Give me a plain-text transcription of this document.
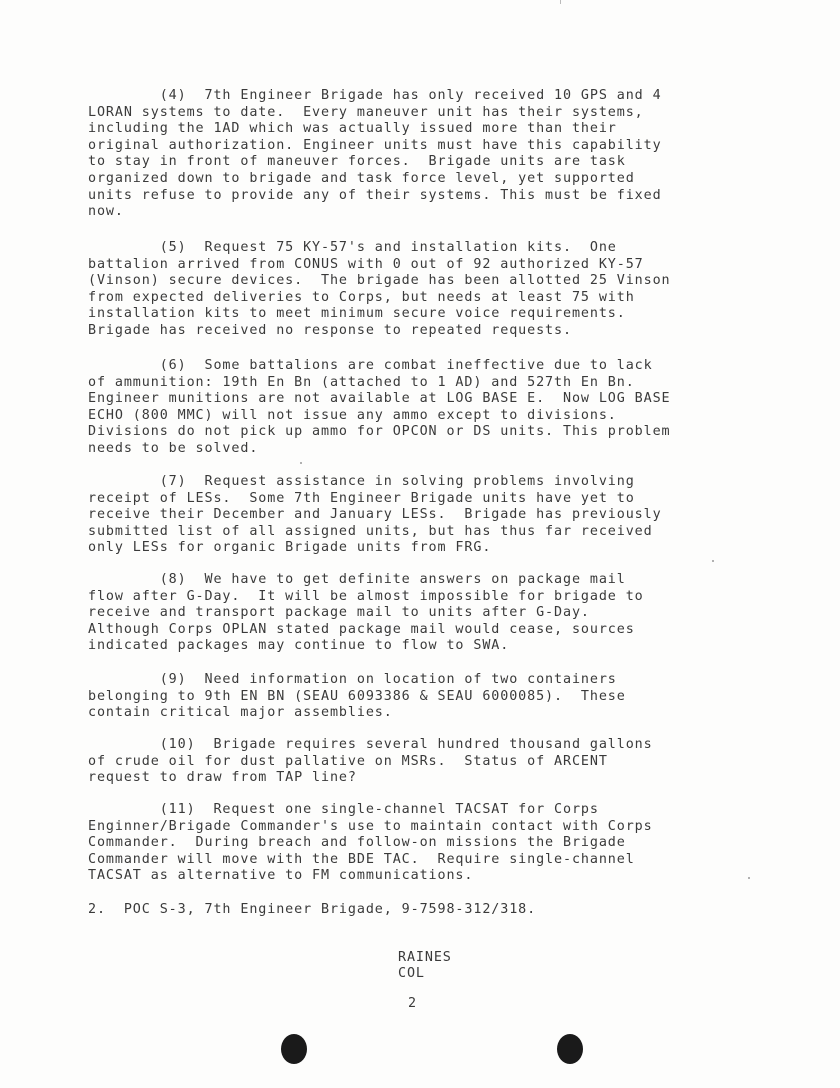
(4)  7th Engineer Brigade has only received 10 GPS and 4
LORAN systems to date.  Every maneuver unit has their systems,
including the 1AD which was actually issued more than their
original authorization. Engineer units must have this capability
to stay in front of maneuver forces.  Brigade units are task
organized down to brigade and task force level, yet supported
units refuse to provide any of their systems. This must be fixed
now.

(5)  Request 75 KY-57's and installation kits.  One
battalion arrived from CONUS with 0 out of 92 authorized KY-57
(Vinson) secure devices.  The brigade has been allotted 25 Vinson
from expected deliveries to Corps, but needs at least 75 with
installation kits to meet minimum secure voice requirements.
Brigade has received no response to repeated requests.

(6)  Some battalions are combat ineffective due to lack
of ammunition: 19th En Bn (attached to 1 AD) and 527th En Bn.
Engineer munitions are not available at LOG BASE E.  Now LOG BASE
ECHO (800 MMC) will not issue any ammo except to divisions.
Divisions do not pick up ammo for OPCON or DS units. This problem
needs to be solved.

(7)  Request assistance in solving problems involving
receipt of LESs.  Some 7th Engineer Brigade units have yet to
receive their December and January LESs.  Brigade has previously
submitted list of all assigned units, but has thus far received
only LESs for organic Brigade units from FRG.

(8)  We have to get definite answers on package mail
flow after G-Day.  It will be almost impossible for brigade to
receive and transport package mail to units after G-Day.
Although Corps OPLAN stated package mail would cease, sources
indicated packages may continue to flow to SWA.

(9)  Need information on location of two containers
belonging to 9th EN BN (SEAU 6093386 & SEAU 6000085).  These
contain critical major assemblies.

(10)  Brigade requires several hundred thousand gallons
of crude oil for dust pallative on MSRs.  Status of ARCENT
request to draw from TAP line?

(11)  Request one single-channel TACSAT for Corps
Enginner/Brigade Commander's use to maintain contact with Corps
Commander.  During breach and follow-on missions the Brigade
Commander will move with the BDE TAC.  Require single-channel
TACSAT as alternative to FM communications.

2.  POC S-3, 7th Engineer Brigade, 9-7598-312/318.

RAINES

COL

2
